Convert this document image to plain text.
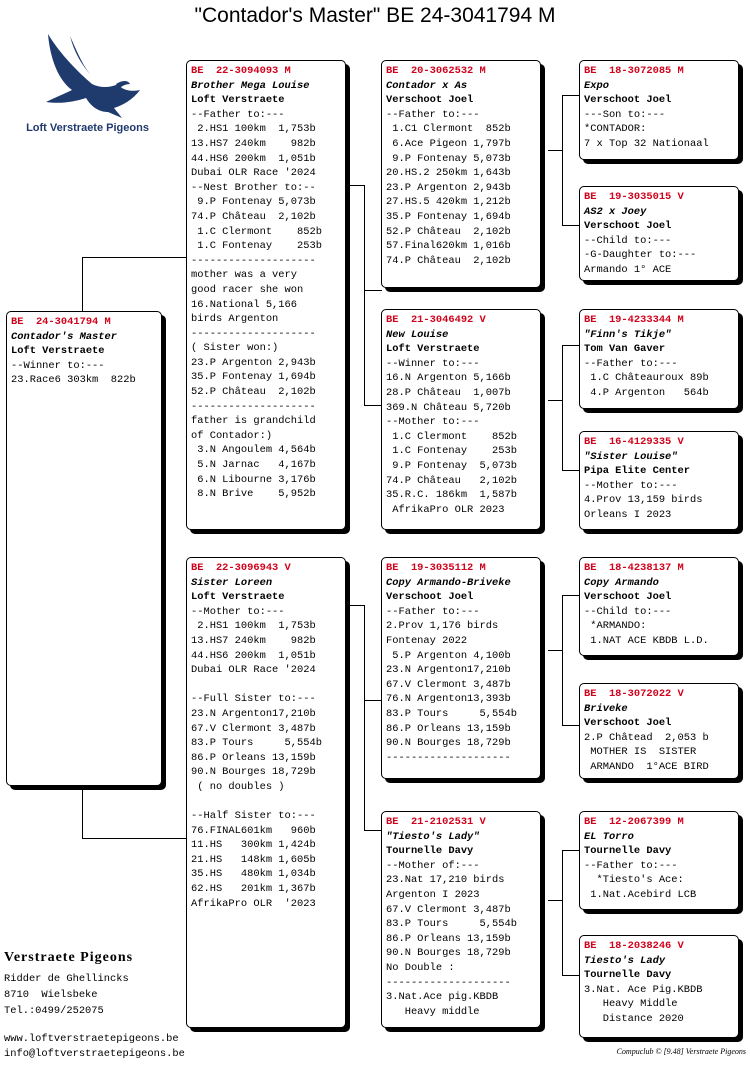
"Contador's Master" BE 24-3041794 M
Loft Verstraete Pigeons
BE  24-3041794 M
Contador's Master
Loft Verstraete
--Winner to:---
23.Race6 303km  822b
BE  22-3094093 M
Brother Mega Louise
Loft Verstraete
--Father to:---
2.HS1 100km  1,753b
13.HS7 240km    982b
44.HS6 200km  1,051b
Dubai OLR Race '2024
--Nest Brother to:--
9.P Fontenay 5,073b
74.P Château  2,102b
1.C Clermont    852b
1.C Fontenay    253b
--------------------
mother was a very
good racer she won
16.National 5,166
birds Argenton
--------------------
( Sister won:)
23.P Argenton 2,943b
35.P Fontenay 1,694b
52.P Château  2,102b
--------------------
father is grandchild
of Contador:)
3.N Angoulem 4,564b
5.N Jarnac   4,167b
6.N Libourne 3,176b
8.N Brive    5,952b
BE  22-3096943 V
Sister Loreen
Loft Verstraete
--Mother to:---
2.HS1 100km  1,753b
13.HS7 240km    982b
44.HS6 200km  1,051b
Dubai OLR Race '2024

--Full Sister to:---
23.N Argenton17,210b
67.V Clermont 3,487b
83.P Tours     5,554b
86.P Orleans 13,159b
90.N Bourges 18,729b
( no doubles )

--Half Sister to:---
76.FINAL601km   960b
11.HS   300km 1,424b
21.HS   148km 1,605b
35.HS   480km 1,034b
62.HS   201km 1,367b
AfrikaPro OLR  '2023
BE  20-3062532 M
Contador x As
Verschoot Joel
--Father to:---
1.C1 Clermont  852b
6.Ace Pigeon 1,797b
9.P Fontenay 5,073b
20.HS.2 250km 1,643b
23.P Argenton 2,943b
27.HS.5 420km 1,212b
35.P Fontenay 1,694b
52.P Château  2,102b
57.Final620km 1,016b
74.P Château  2,102b
BE  21-3046492 V
New Louise
Loft Verstraete
--Winner to:---
16.N Argenton 5,166b
28.P Château  1,007b
369.N Château 5,720b
--Mother to:---
1.C Clermont    852b
1.C Fontenay    253b
9.P Fontenay  5,073b
74.P Château   2,102b
35.R.C. 186km  1,587b
AfrikaPro OLR 2023
BE  19-3035112 M
Copy Armando-Briveke
Verschoot Joel
--Father to:---
2.Prov 1,176 birds
Fontenay 2022
5.P Argenton 4,100b
23.N Argenton17,210b
67.V Clermont 3,487b
76.N Argenton13,393b
83.P Tours     5,554b
86.P Orleans 13,159b
90.N Bourges 18,729b
--------------------
BE  21-2102531 V
"Tiesto's Lady"
Tournelle Davy
--Mother of:---
23.Nat 17,210 birds
Argenton I 2023
67.V Clermont 3,487b
83.P Tours     5,554b
86.P Orleans 13,159b
90.N Bourges 18,729b
No Double :
--------------------
3.Nat.Ace pig.KBDB
Heavy middle
BE  18-3072085 M
Expo
Verschoot Joel
---Son to:---
*CONTADOR:
7 x Top 32 Nationaal
BE  19-3035015 V
AS2 x Joey
Verschoot Joel
--Child to:---
-G-Daughter to:---
Armando 1° ACE
BE  19-4233344 M
"Finn's Tikje"
Tom Van Gaver
--Father to:---
1.C Châteauroux 89b
4.P Argenton   564b
BE  16-4129335 V
"Sister Louise"
Pipa Elite Center
--Mother to:---
4.Prov 13,159 birds
Orleans I 2023
BE  18-4238137 M
Copy Armando
Verschoot Joel
--Child to:---
*ARMANDO:
1.NAT ACE KBDB L.D.
BE  18-3072022 V
Briveke
Verschoot Joel
2.P Châtead  2,053 b
MOTHER IS  SISTER
ARMANDO  1°ACE BIRD
BE  12-2067399 M
EL Torro
Tournelle Davy
--Father to:---
*Tiesto's Ace:
1.Nat.Acebird LCB
BE  18-2038246 V
Tiesto's Lady
Tournelle Davy
3.Nat. Ace Pig.KBDB
Heavy Middle
Distance 2020
Verstraete Pigeons
Ridder de Ghellincks
8710  Wielsbeke
Tel.:0499/252075
www.loftverstraetepigeons.be
info@loftverstraetepigeons.be	Compuclub © [9.48] Verstraete Pigeons
